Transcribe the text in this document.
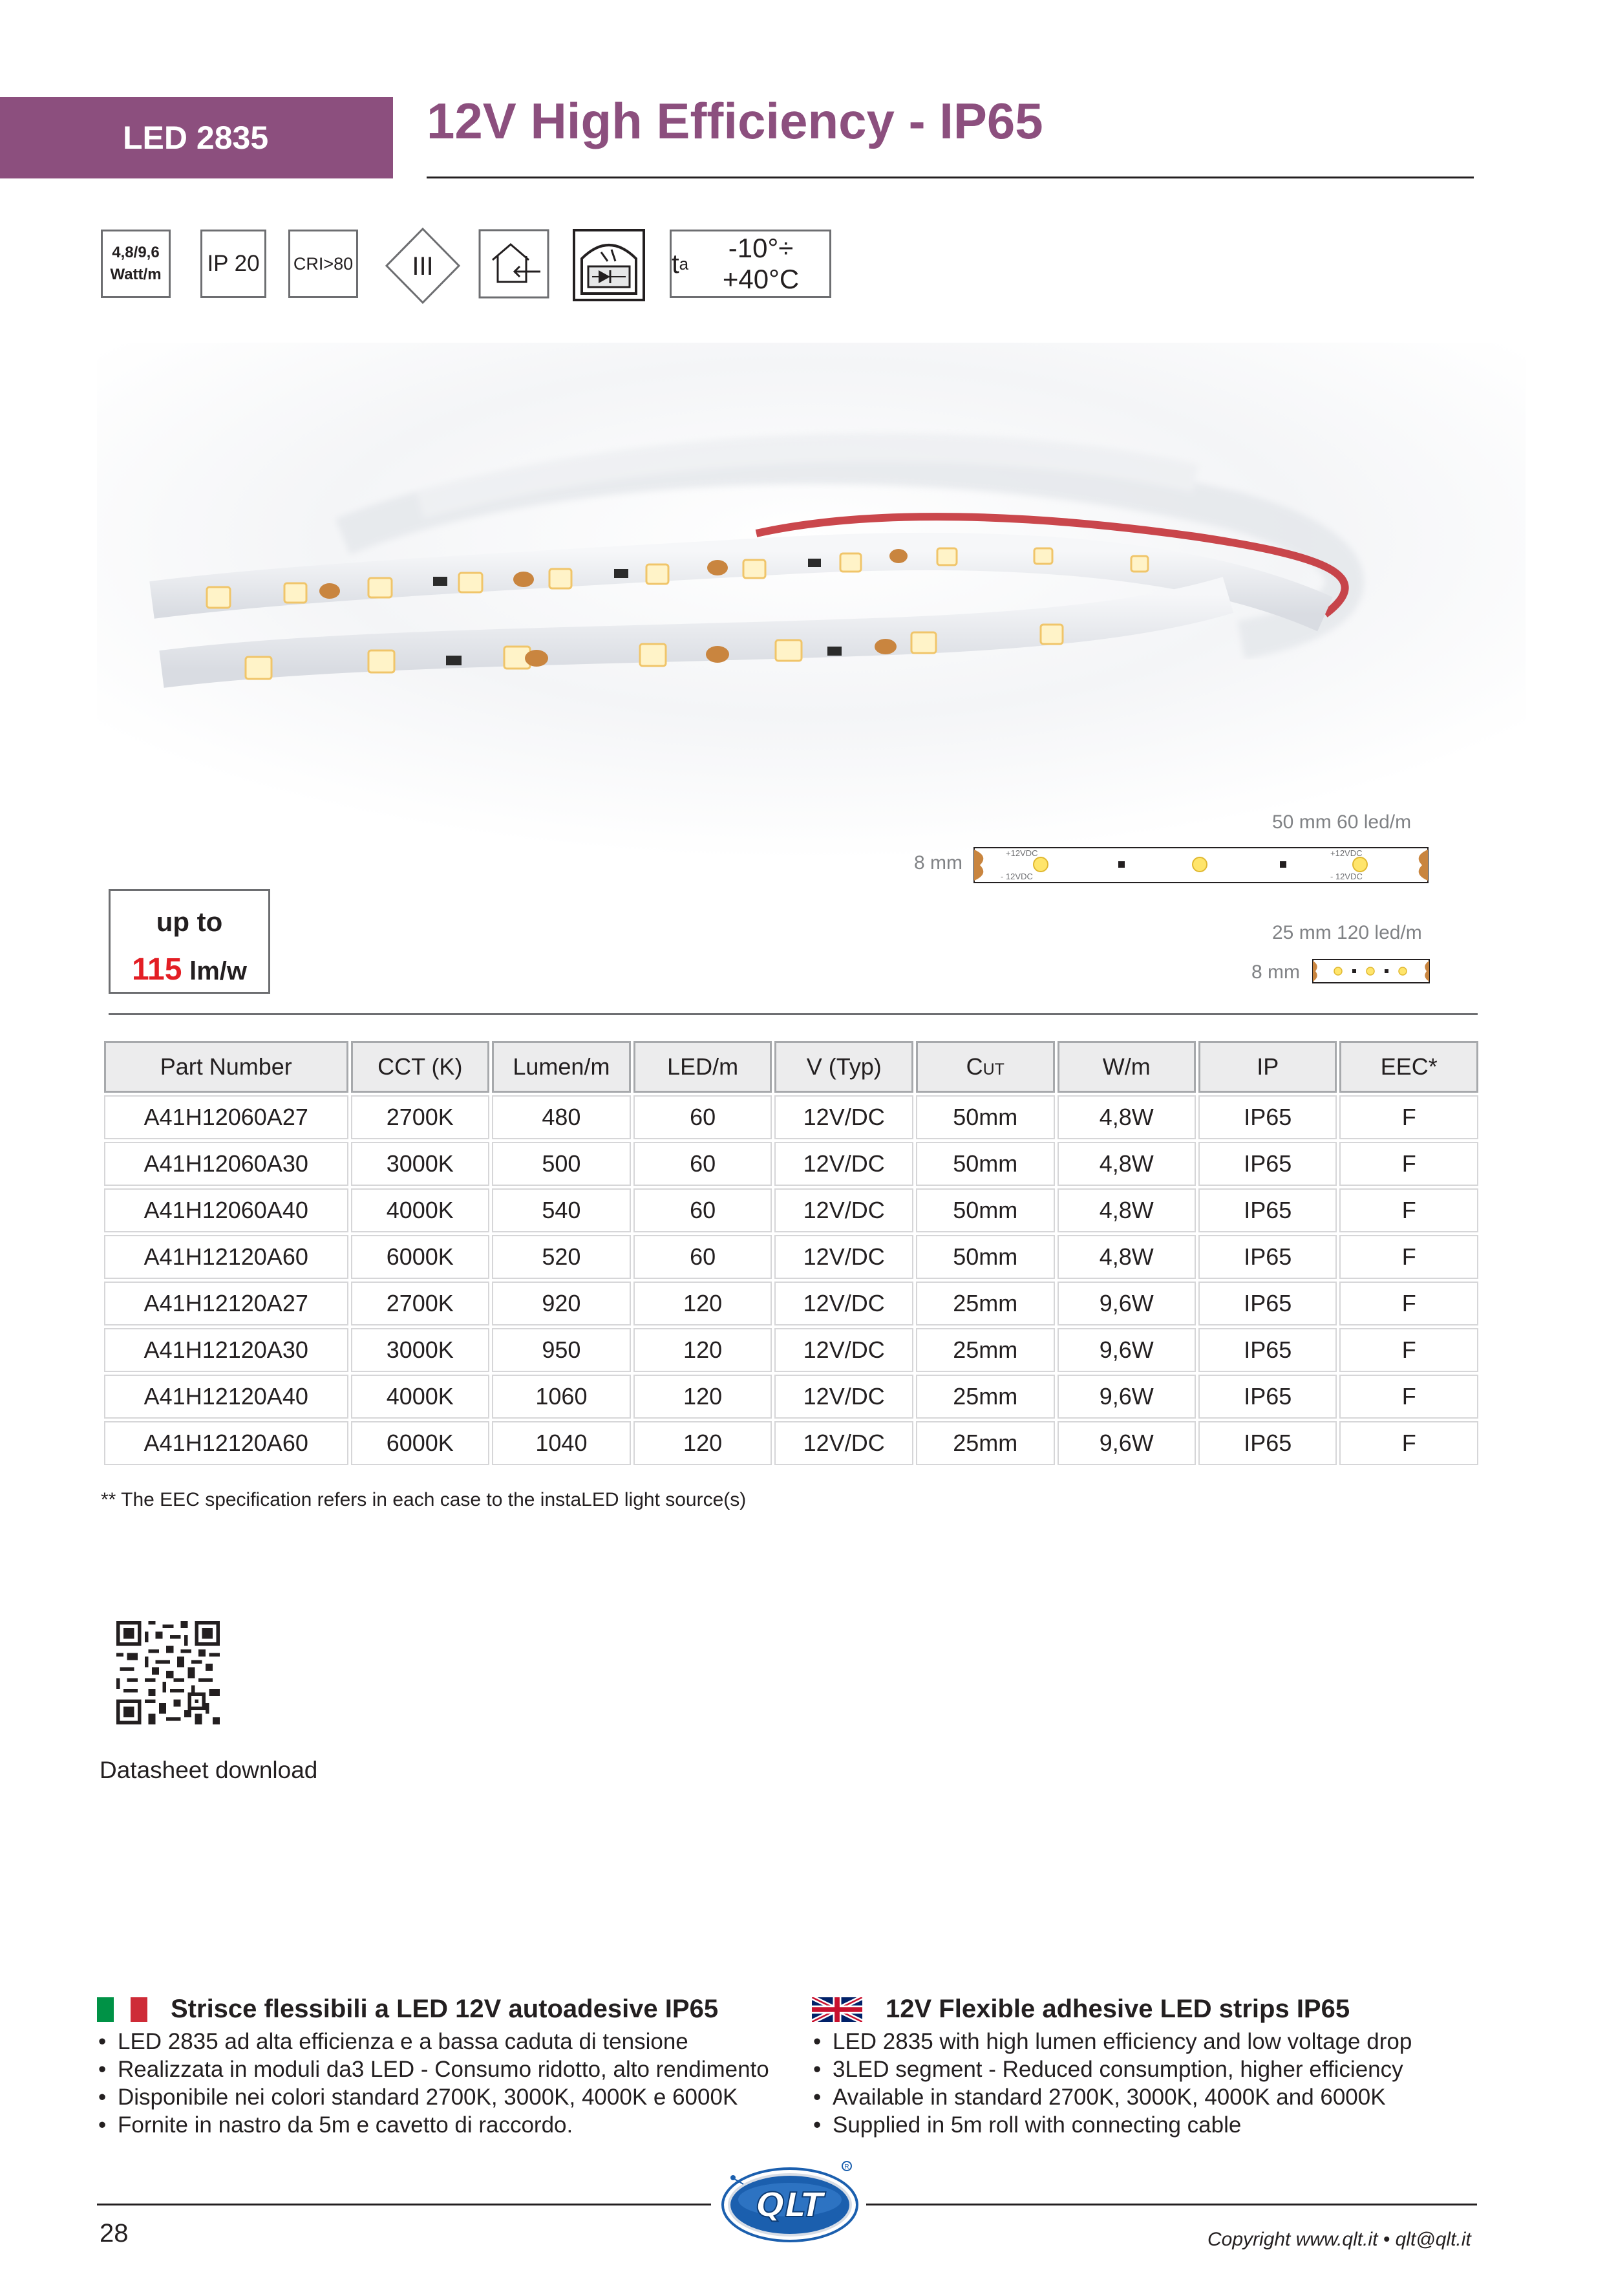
LED 2835	12V High Efficiency - IP65
4,8/9,6
Watt/m IP 20	CRI>80 III	t a
-10°÷ +40°C
50 mm 60 led/m
8 mm	+12VDC	+12VDC
- 12VDC	- 12VDC
25 mm 120 led/m
8 mm
up to
115 lm/w
Part Number	CCT (K)	Lumen/m	LED/m	V (Typ)	Cut	W/m	IP	EEC*
A41H12060A27	2700K	480	60	12V/DC	50mm	4,8W	IP65	F
A41H12060A30	3000K	500	60	12V/DC	50mm	4,8W	IP65	F
A41H12060A40	4000K	540	60	12V/DC	50mm	4,8W	IP65	F
A41H12120A60	6000K	520	60	12V/DC	50mm	4,8W	IP65	F
A41H12120A27	2700K	920	120	12V/DC	25mm	9,6W	IP65	F
A41H12120A30	3000K	950	120	12V/DC	25mm	9,6W	IP65	F
A41H12120A40	4000K	1060	120	12V/DC	25mm	9,6W	IP65	F
A41H12120A60	6000K	1040	120	12V/DC	25mm	9,6W	IP65	F
** The EEC specification refers in each case to the instaLED light source(s)
Datasheet download
Strisce flessibili a LED 12V autoadesive IP65
• LED 2835 ad alta efficienza e a bassa caduta di tensione
• Realizzata in moduli da3 LED - Consumo ridotto, alto rendimento
• Disponibile nei colori standard 2700K, 3000K, 4000K e 6000K
• Fornite in nastro da 5m e cavetto di raccordo.
12V Flexible adhesive LED strips IP65
• LED 2835 with high lumen efficiency and low voltage drop
• 3LED segment - Reduced consumption, higher efficiency
• Available in standard 2700K, 3000K, 4000K and 6000K
• Supplied in 5m roll with connecting cable
QLT
R
28	Copyright www.qlt.it • qlt@qlt.it
